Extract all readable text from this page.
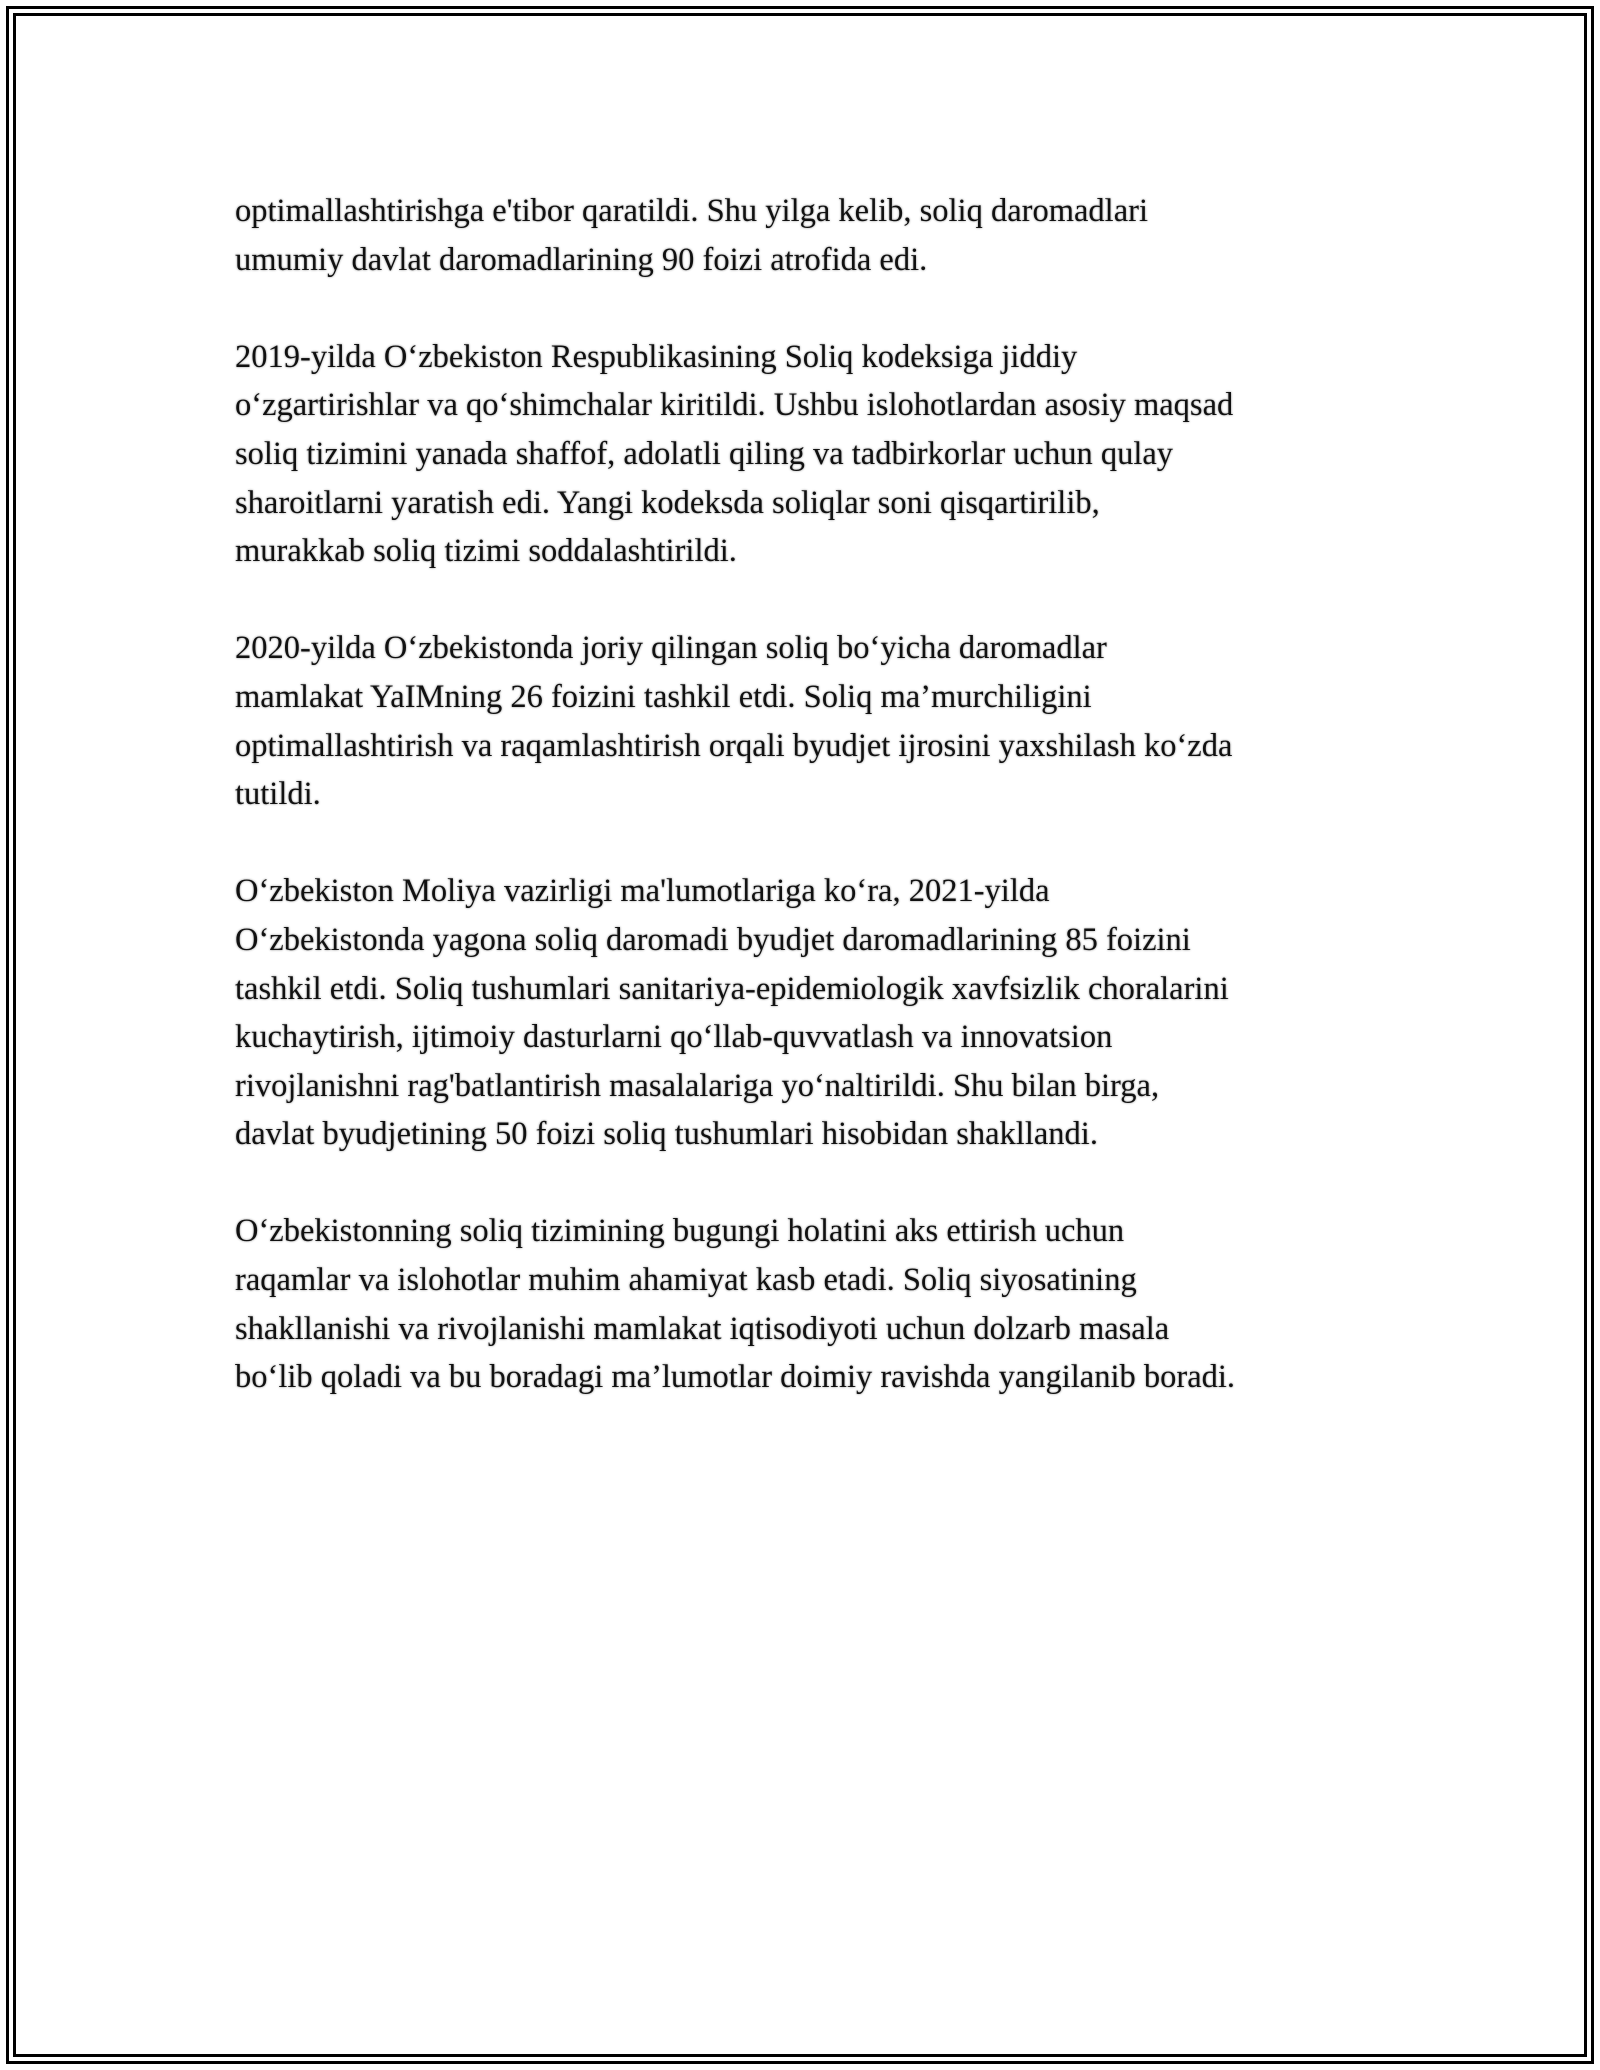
optimallashtirishga e'tibor qaratildi. Shu yilga kelib, soliq daromadlari
umumiy davlat daromadlarining 90 foizi atrofida edi.

2019-yilda O‘zbekiston Respublikasining Soliq kodeksiga jiddiy
o‘zgartirishlar va qo‘shimchalar kiritildi. Ushbu islohotlardan asosiy maqsad
soliq tizimini yanada shaffof, adolatli qiling va tadbirkorlar uchun qulay
sharoitlarni yaratish edi. Yangi kodeksda soliqlar soni qisqartirilib,
murakkab soliq tizimi soddalashtirildi.

2020-yilda O‘zbekistonda joriy qilingan soliq bo‘yicha daromadlar
mamlakat YaIMning 26 foizini tashkil etdi. Soliq ma’murchiligini
optimallashtirish va raqamlashtirish orqali byudjet ijrosini yaxshilash ko‘zda
tutildi.

O‘zbekiston Moliya vazirligi ma'lumotlariga ko‘ra, 2021-yilda
O‘zbekistonda yagona soliq daromadi byudjet daromadlarining 85 foizini
tashkil etdi. Soliq tushumlari sanitariya-epidemiologik xavfsizlik choralarini
kuchaytirish, ijtimoiy dasturlarni qo‘llab-quvvatlash va innovatsion
rivojlanishni rag'batlantirish masalalariga yo‘naltirildi. Shu bilan birga,
davlat byudjetining 50 foizi soliq tushumlari hisobidan shakllandi.

O‘zbekistonning soliq tizimining bugungi holatini aks ettirish uchun
raqamlar va islohotlar muhim ahamiyat kasb etadi. Soliq siyosatining
shakllanishi va rivojlanishi mamlakat iqtisodiyoti uchun dolzarb masala
bo‘lib qoladi va bu boradagi ma’lumotlar doimiy ravishda yangilanib boradi.
